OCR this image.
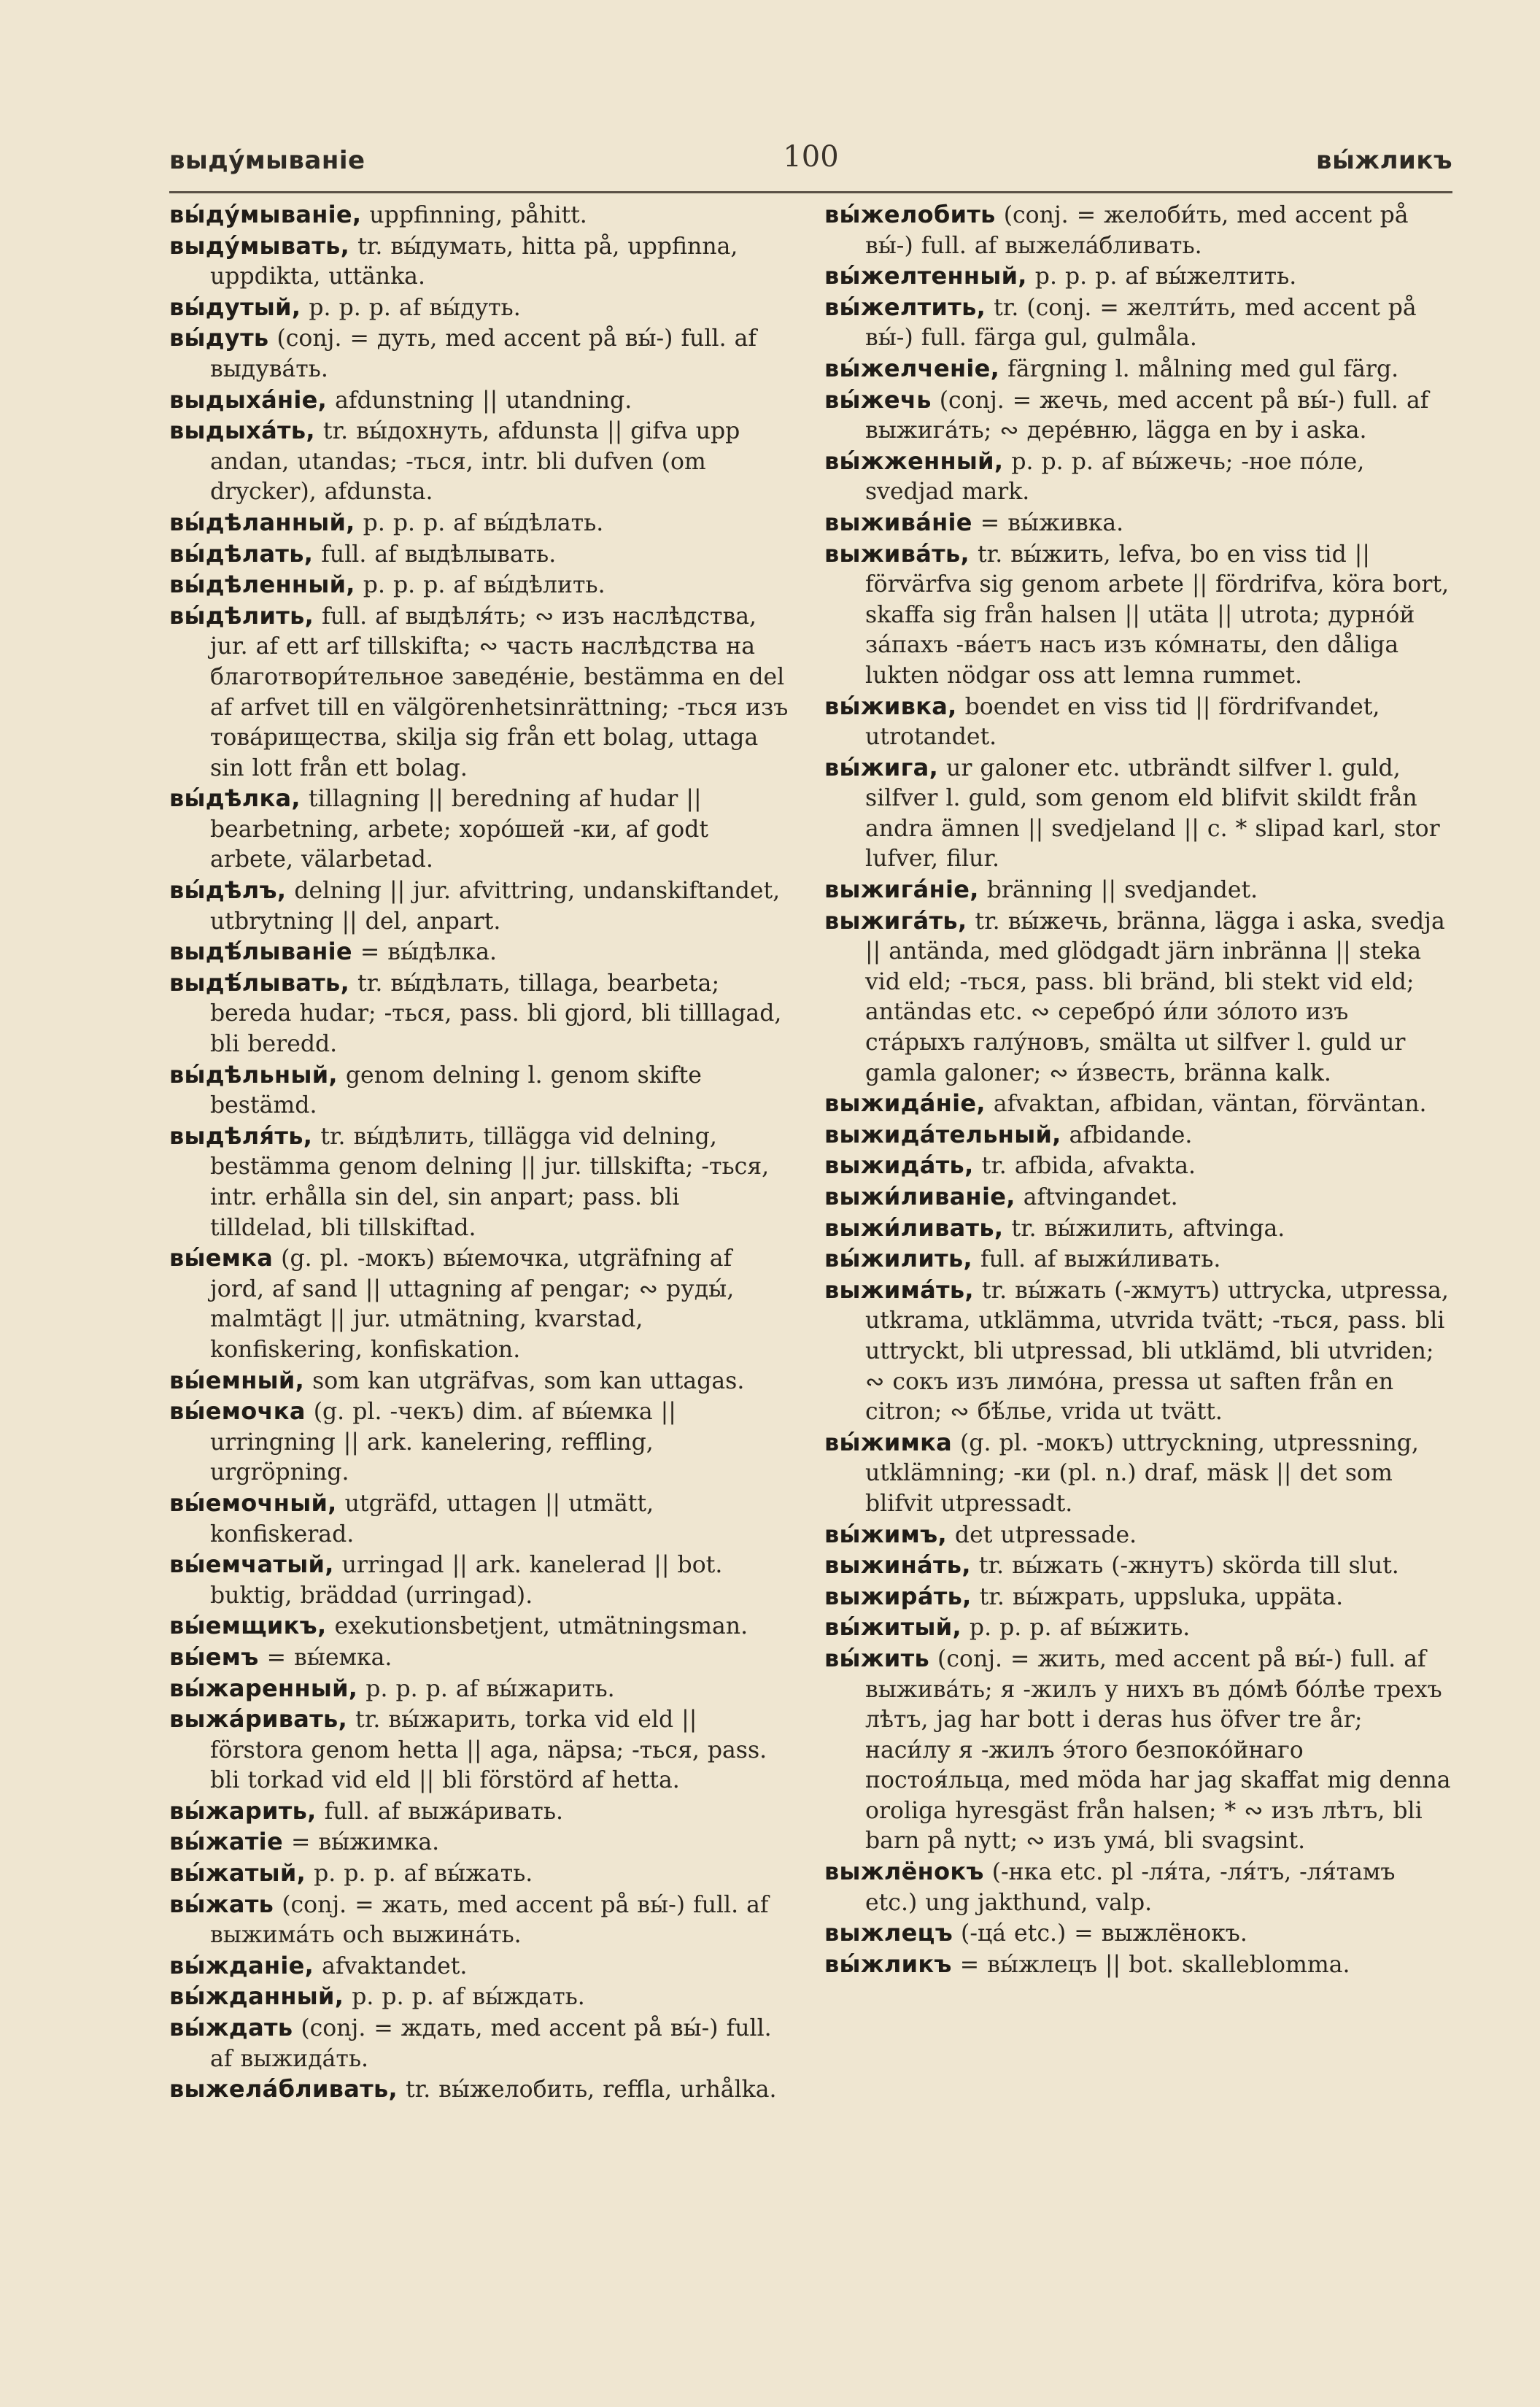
выду́мываніе	100	вы́жликъ

вы́ду́мываніе, uppfinning, påhitt.

выду́мывать, tr. вы́думать, hitta på, uppfinna, uppdikta, uttänka.

вы́дутый, p. p. p. af вы́дуть.

вы́дуть (conj. = дуть, med accent på вы́-) full. af выдува́ть.

выдыха́ніе, afdunstning || utandning.

выдыха́ть, tr. вы́дохнуть, afdunsta || gifva upp andan, utandas; -ться, intr. bli dufven (om drycker), afdunsta.

вы́дѣланный, p. p. p. af вы́дѣлать.

вы́дѣлать, full. af выдѣлывать.

вы́дѣленный, p. p. p. af вы́дѣлить.

вы́дѣлить, full. af выдѣля́ть; ∾ изъ наслѣдства, jur. af ett arf tillskifta; ∾ часть наслѣдства на благотвори́тельное заведе́ніе, bestämma en del af arfvet till en välgörenhetsinrättning; -ться изъ това́рищества, skilja sig från ett bolag, uttaga sin lott från ett bolag.

вы́дѣлка, tillagning || beredning af hudar || bearbetning, arbete; хоро́шей -ки, af godt arbete, välarbetad.

вы́дѣлъ, delning || jur. afvittring, undanskiftandet, utbrytning || del, anpart.

выдѣ́лываніе = вы́дѣлка.

выдѣ́лывать, tr. вы́дѣлать, tillaga, bearbeta; bereda hudar; -ться, pass. bli gjord, bli tilllagad, bli beredd.

вы́дѣльный, genom delning l. genom skifte bestämd.

выдѣля́ть, tr. вы́дѣлить, tillägga vid delning, bestämma genom delning || jur. tillskifta; -ться, intr. erhålla sin del, sin anpart; pass. bli tilldelad, bli tillskiftad.

вы́емка (g. pl. -мокъ) вы́емочка, utgräfning af jord, af sand || uttagning af pengar; ∾ руды́, malmtägt || jur. utmätning, kvarstad, konfiskering, konfiskation.

вы́емный, som kan utgräfvas, som kan uttagas.

вы́емочка (g. pl. -чекъ) dim. af вы́емка || urringning || ark. kanelering, reffling, urgröpning.

вы́емочный, utgräfd, uttagen || utmätt, konfiskerad.

вы́емчатый, urringad || ark. kanelerad || bot. buktig, bräddad (urringad).

вы́емщикъ, exekutionsbetjent, utmätningsman.

вы́емъ = вы́емка.

вы́жаренный, p. p. p. af вы́жарить.

выжа́ривать, tr. вы́жарить, torka vid eld || förstora genom hetta || aga, näpsa; -ться, pass. bli torkad vid eld || bli förstörd af hetta.

вы́жарить, full. af выжа́ривать.

вы́жатіе = вы́жимка.

вы́жатый, p. p. p. af вы́жать.

вы́жать (conj. = жать, med accent på вы́-) full. af выжима́ть och выжина́ть.

вы́жданіе, afvaktandet.

вы́жданный, p. p. p. af вы́ждать.

вы́ждать (conj. = ждать, med accent på вы́-) full. af выжида́ть.

выжела́бливать, tr. вы́желобить, reffla, urhålka.

вы́желобить (conj. = желоби́ть, med accent på вы́-) full. af выжела́бливать.

вы́желтенный, p. p. p. af вы́желтить.

вы́желтить, tr. (conj. = желти́ть, med accent på вы́-) full. färga gul, gulmåla.

вы́желченіе, färgning l. målning med gul färg.

вы́жечь (conj. = жечь, med accent på вы́-) full. af выжига́ть; ∾ дере́вню, lägga en by i aska.

вы́жженный, p. p. p. af вы́жечь; -ное по́ле, svedjad mark.

выжива́ніе = вы́живка.

выжива́ть, tr. вы́жить, lefva, bo en viss tid || förvärfva sig genom arbete || fördrifva, köra bort, skaffa sig från halsen || utäta || utrota; дурно́й за́пахъ -ва́етъ насъ изъ ко́мнаты, den dåliga lukten nödgar oss att lemna rummet.

вы́живка, boendet en viss tid || fördrifvandet, utrotandet.

вы́жига, ur galoner etc. utbrändt silfver l. guld, silfver l. guld, som genom eld blifvit skildt från andra ämnen || svedjeland || c. * slipad karl, stor lufver, filur.

выжига́ніе, bränning || svedjandet.

выжига́ть, tr. вы́жечь, bränna, lägga i aska, svedja || antända, med glödgadt järn inbränna || steka vid eld; -ться, pass. bli bränd, bli stekt vid eld; antändas etc. ∾ серебро́ и́ли зо́лото изъ ста́рыхъ галу́новъ, smälta ut silfver l. guld ur gamla galoner; ∾ и́звесть, bränna kalk.

выжида́ніе, afvaktan, afbidan, väntan, förväntan.

выжида́тельный, afbidande.

выжида́ть, tr. afbida, afvakta.

выжи́ливаніе, aftvingandet.

выжи́ливать, tr. вы́жилить, aftvinga.

вы́жилить, full. af выжи́ливать.

выжима́ть, tr. вы́жать (-жмутъ) uttrycka, utpressa, utkrama, utklämma, utvrida tvätt; -ться, pass. bli uttryckt, bli utpressad, bli utklämd, bli utvriden; ∾ сокъ изъ лимо́на, pressa ut saften från en citron; ∾ бѣ́лье, vrida ut tvätt.

вы́жимка (g. pl. -мокъ) uttryckning, utpressning, utklämning; -ки (pl. n.) draf, mäsk || det som blifvit utpressadt.

вы́жимъ, det utpressade.

выжина́ть, tr. вы́жать (-жнутъ) skörda till slut.

выжира́ть, tr. вы́жрать, uppsluka, uppäta.

вы́житый, p. p. p. af вы́жить.

вы́жить (conj. = жить, med accent på вы́-) full. af выжива́ть; я -жилъ у нихъ въ до́мѣ бо́лѣе трехъ лѣтъ, jag har bott i deras hus öfver tre år; наси́лу я -жилъ э́того безпоко́йнаго постоя́льца, med möda har jag skaffat mig denna oroliga hyresgäst från halsen; * ∾ изъ лѣтъ, bli barn på nytt; ∾ изъ ума́, bli svagsint.

выжлёнокъ (-нка etc. pl -ля́та, -ля́тъ, -ля́тамъ etc.) ung jakthund, valp.

выжлецъ (-ца́ etc.) = выжлёнокъ.

вы́жликъ = вы́жлецъ || bot. skalleblomma.
